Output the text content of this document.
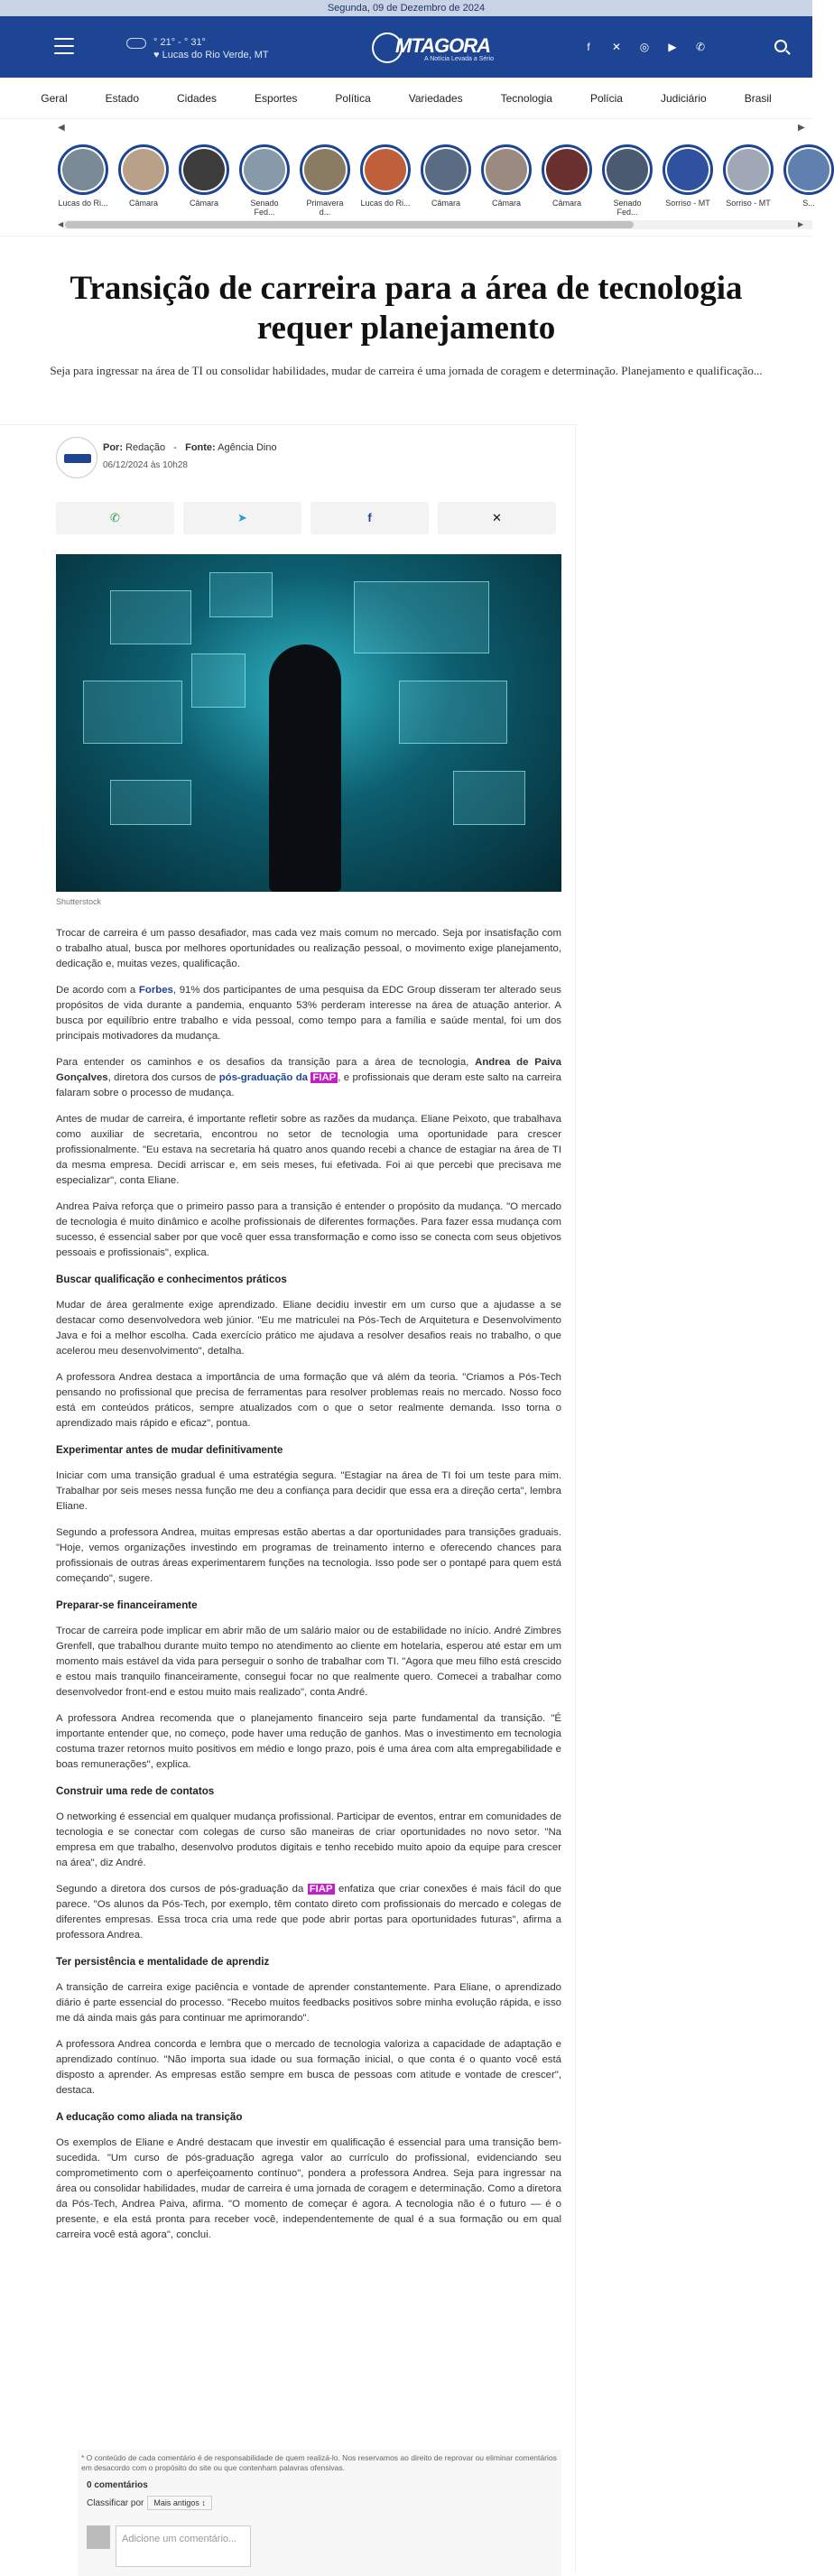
Segunda, 09 de Dezembro de 2024
° 21° - ° 31°
♥ Lucas do Rio Verde, MT	MTAGORA
A Notícia Levada a Sério
f	✕ ◎ ▶ ✆
Geral	Estado	Cidades	Esportes	Política	Variedades	Tecnologia	Polícia	Judiciário	Brasil
◀	▶
Lucas do Ri...	Câmara	Câmara	Senado Fed...
Primavera d...
Lucas do Ri...	Câmara	Câmara	Câmara	Senado Fed...
Sorriso - MT	Sorriso - MT	S...
◀	▶
Transição de carreira para a área de tecnologia requer planejamento
Seja para ingressar na área de TI ou consolidar habilidades, mudar de carreira é uma jornada de coragem e determinação. Planejamento e qualificação...
Por: Redação   -   Fonte: Agência Dino
06/12/2024 às 10h28
✆	➤	f	✕
Shutterstock

Trocar de carreira é um passo desafiador, mas cada vez mais comum no mercado. Seja por insatisfação com o trabalho atual, busca por melhores oportunidades ou realização pessoal, o movimento exige planejamento, dedicação e, muitas vezes, qualificação.

De acordo com a Forbes, 91% dos participantes de uma pesquisa da EDC Group disseram ter alterado seus propósitos de vida durante a pandemia, enquanto 53% perderam interesse na área de atuação anterior. A busca por equilíbrio entre trabalho e vida pessoal, como tempo para a família e saúde mental, foi um dos principais motivadores da mudança.

Para entender os caminhos e os desafios da transição para a área de tecnologia, Andrea de Paiva Gonçalves, diretora dos cursos de pós-graduação da FIAP , e profissionais que deram este salto na carreira falaram sobre o processo de mudança.

Antes de mudar de carreira, é importante refletir sobre as razões da mudança. Eliane Peixoto, que trabalhava como auxiliar de secretaria, encontrou no setor de tecnologia uma oportunidade para crescer profissionalmente. "Eu estava na secretaria há quatro anos quando recebi a chance de estagiar na área de TI da mesma empresa. Decidi arriscar e, em seis meses, fui efetivada. Foi ai que percebi que precisava me especializar", conta Eliane.

Andrea Paiva reforça que o primeiro passo para a transição é entender o propósito da mudança. "O mercado de tecnologia é muito dinâmico e acolhe profissionais de diferentes formações. Para fazer essa mudança com sucesso, é essencial saber por que você quer essa transformação e como isso se conecta com seus objetivos pessoais e profissionais", explica.

Buscar qualificação e conhecimentos práticos

Mudar de área geralmente exige aprendizado. Eliane decidiu investir em um curso que a ajudasse a se destacar como desenvolvedora web júnior. "Eu me matriculei na Pós-Tech de Arquitetura e Desenvolvimento Java e foi a melhor escolha. Cada exercício prático me ajudava a resolver desafios reais no trabalho, o que acelerou meu desenvolvimento", detalha.

A professora Andrea destaca a importância de uma formação que vá além da teoria. "Criamos a Pós-Tech pensando no profissional que precisa de ferramentas para resolver problemas reais no mercado. Nosso foco está em conteúdos práticos, sempre atualizados com o que o setor realmente demanda. Isso torna o aprendizado mais rápido e eficaz", pontua.

Experimentar antes de mudar definitivamente

Iniciar com uma transição gradual é uma estratégia segura. "Estagiar na área de TI foi um teste para mim. Trabalhar por seis meses nessa função me deu a confiança para decidir que essa era a direção certa", lembra Eliane.

Segundo a professora Andrea, muitas empresas estão abertas a dar oportunidades para transições graduais. "Hoje, vemos organizações investindo em programas de treinamento interno e oferecendo chances para profissionais de outras áreas experimentarem funções na tecnologia. Isso pode ser o pontapé para quem está começando", sugere.

Preparar-se financeiramente

Trocar de carreira pode implicar em abrir mão de um salário maior ou de estabilidade no início. André Zimbres Grenfell, que trabalhou durante muito tempo no atendimento ao cliente em hotelaria, esperou até estar em um momento mais estável da vida para perseguir o sonho de trabalhar com TI. "Agora que meu filho está crescido e estou mais tranquilo financeiramente, consegui focar no que realmente quero. Comecei a trabalhar como desenvolvedor front-end e estou muito mais realizado", conta André.

A professora Andrea recomenda que o planejamento financeiro seja parte fundamental da transição. "É importante entender que, no começo, pode haver uma redução de ganhos. Mas o investimento em tecnologia costuma trazer retornos muito positivos em médio e longo prazo, pois é uma área com alta empregabilidade e boas remunerações", explica.

Construir uma rede de contatos

O networking é essencial em qualquer mudança profissional. Participar de eventos, entrar em comunidades de tecnologia e se conectar com colegas de curso são maneiras de criar oportunidades no novo setor. "Na empresa em que trabalho, desenvolvo produtos digitais e tenho recebido muito apoio da equipe para crescer na área", diz André.

Segundo a diretora dos cursos de pós-graduação da FIAP enfatiza que criar conexões é mais fácil do que parece. "Os alunos da Pós-Tech, por exemplo, têm contato direto com profissionais do mercado e colegas de diferentes empresas. Essa troca cria uma rede que pode abrir portas para oportunidades futuras", afirma a professora Andrea.

Ter persistência e mentalidade de aprendiz

A transição de carreira exige paciência e vontade de aprender constantemente. Para Eliane, o aprendizado diário é parte essencial do processo. "Recebo muitos feedbacks positivos sobre minha evolução rápida, e isso me dá ainda mais gás para continuar me aprimorando".

A professora Andrea concorda e lembra que o mercado de tecnologia valoriza a capacidade de adaptação e aprendizado contínuo. "Não importa sua idade ou sua formação inicial, o que conta é o quanto você está disposto a aprender. As empresas estão sempre em busca de pessoas com atitude e vontade de crescer", destaca.

A educação como aliada na transição

Os exemplos de Eliane e André destacam que investir em qualificação é essencial para uma transição bem-sucedida. "Um curso de pós-graduação agrega valor ao currículo do profissional, evidenciando seu comprometimento com o aperfeiçoamento contínuo", pondera a professora Andrea. Seja para ingressar na área ou consolidar habilidades, mudar de carreira é uma jornada de coragem e determinação. Como a diretora da Pós-Tech, Andrea Paiva, afirma. "O momento de começar é agora. A tecnologia não é o futuro — é o presente, e ela está pronta para receber você, independentemente de qual é a sua formação ou em qual carreira você está agora", conclui.

* O conteúdo de cada comentário é de responsabilidade de quem realizá-lo. Nos reservamos ao direito de reprovar ou eliminar comentários em desacordo com o propósito do site ou que contenham palavras ofensivas.
0 comentários
Classificar por Mais antigos ↕
Adicione um comentário...
